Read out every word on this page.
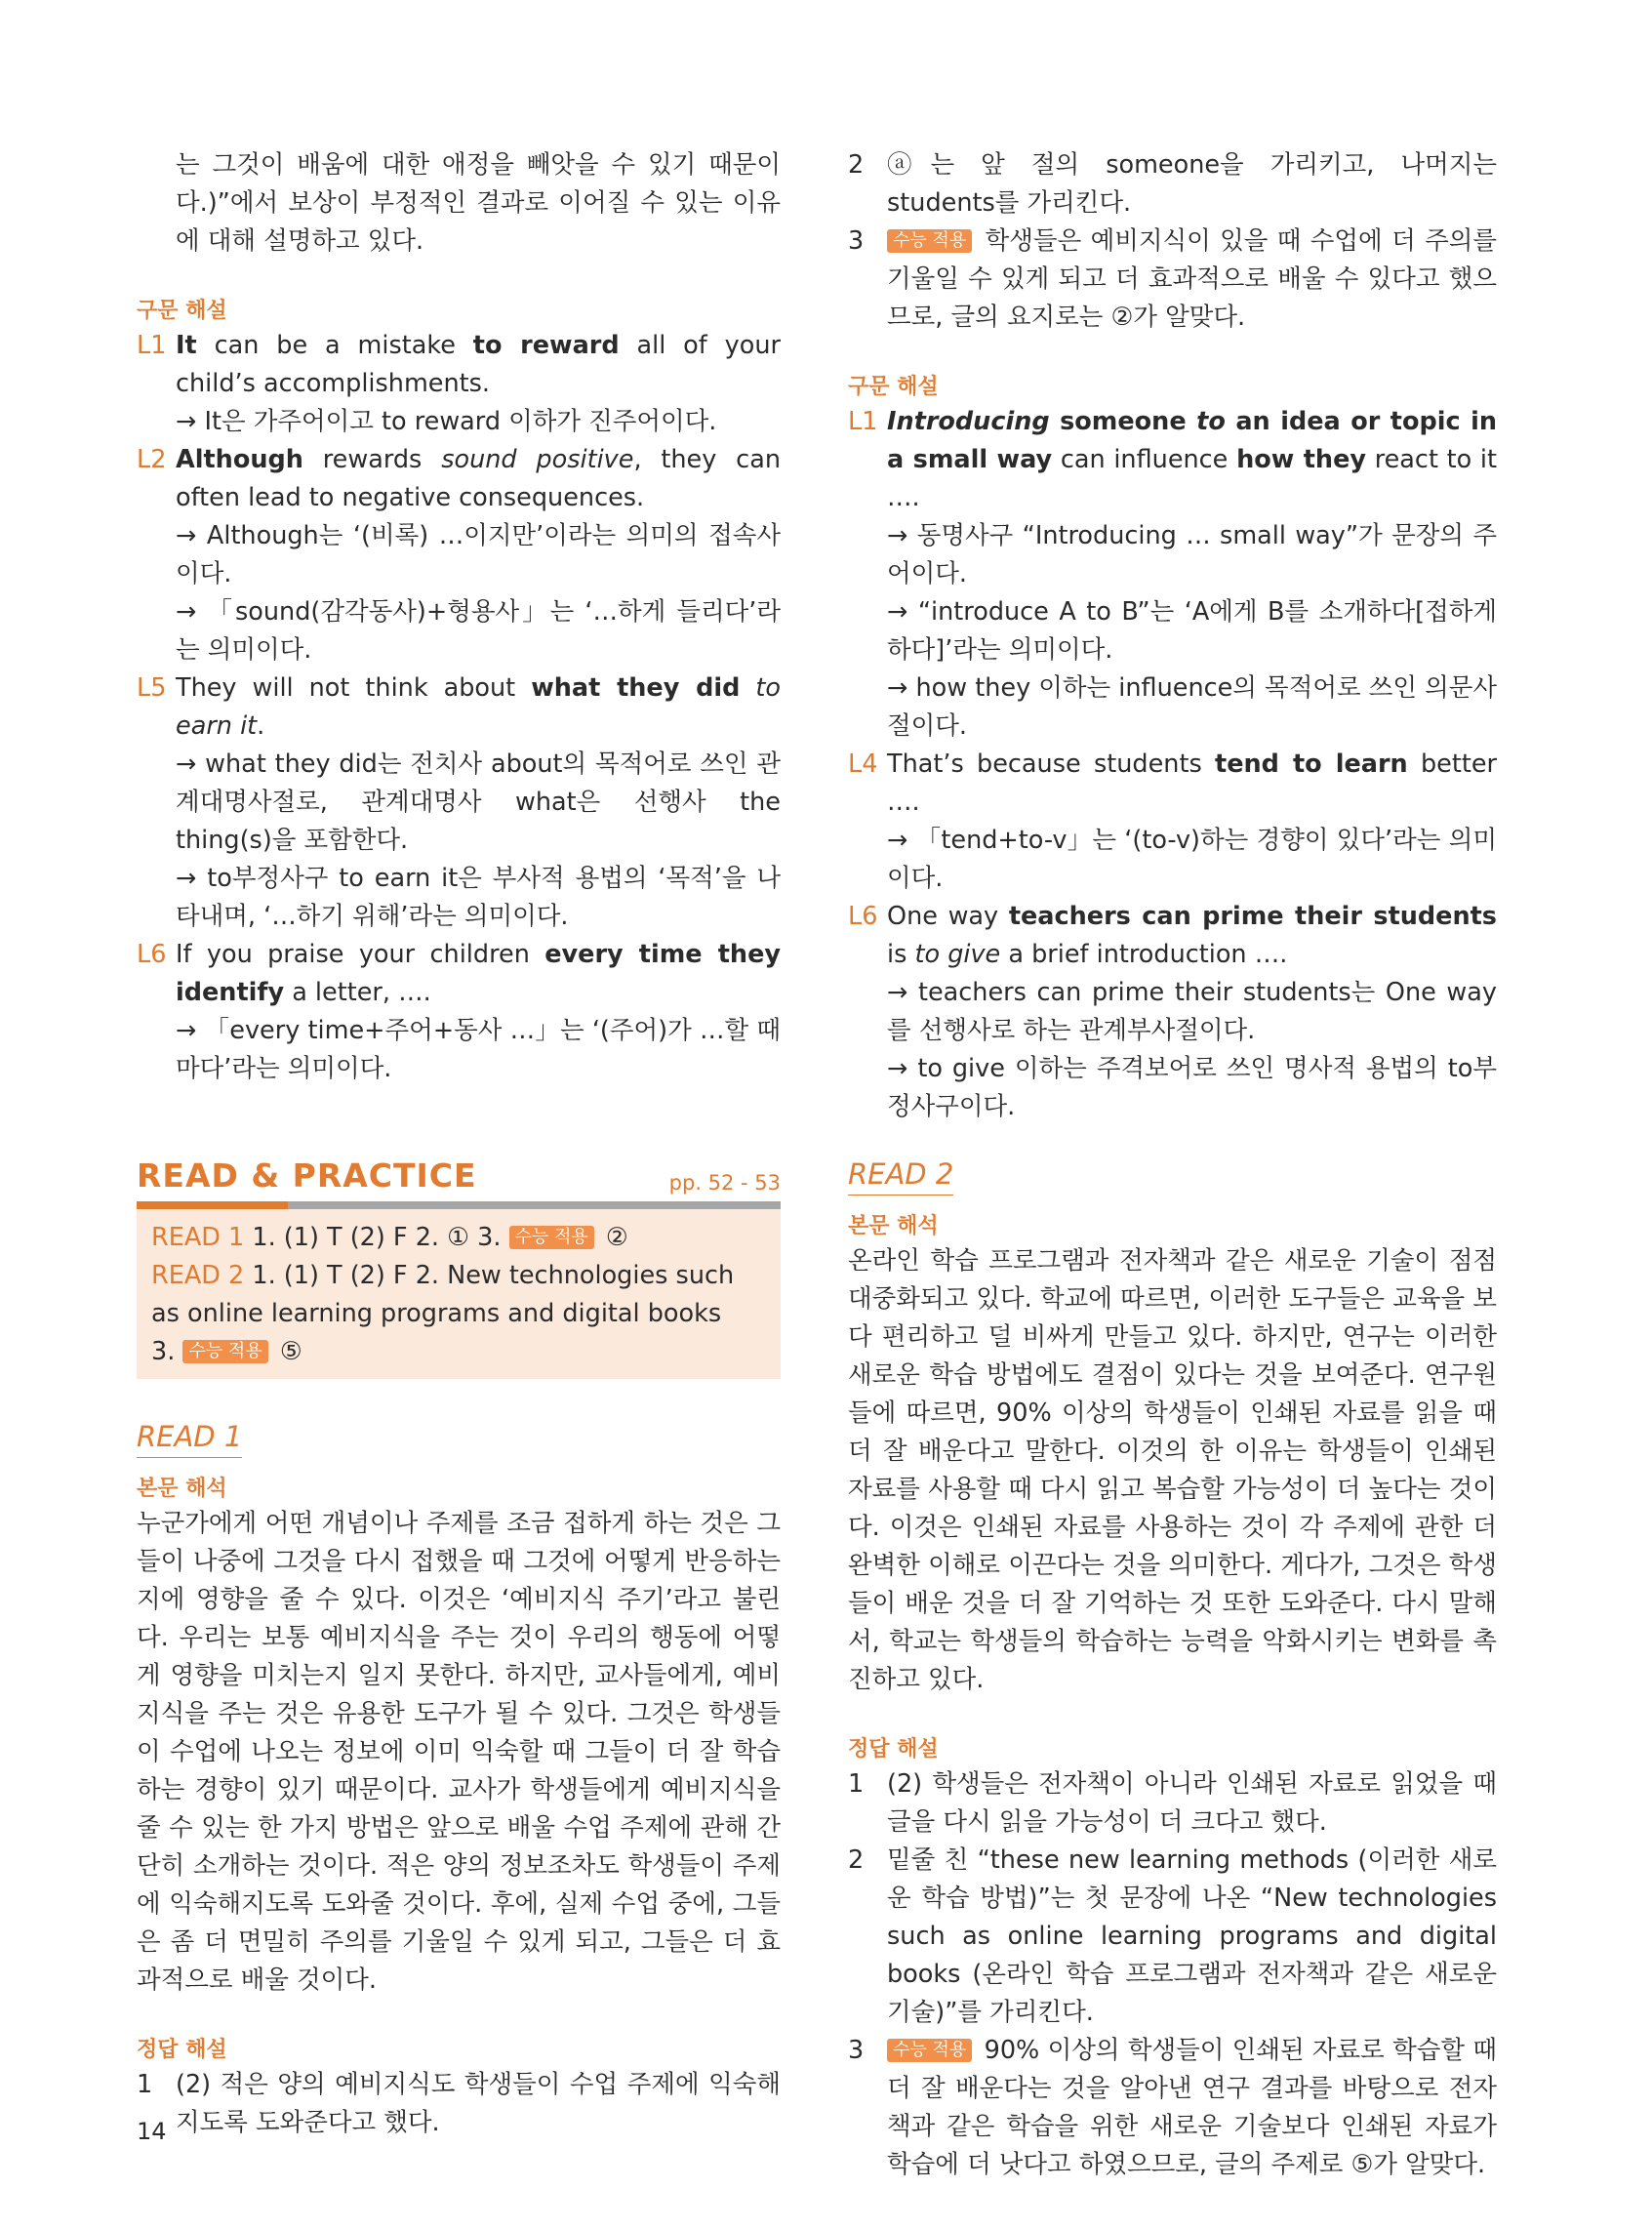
는 그것이 배움에 대한 애정을 빼앗을 수 있기 때문이다.)”에서 보상이 부정적인 결과로 이어질 수 있는 이유에 대해 설명하고 있다.

구문 해설

L1 It can be a mistake to reward all of your child’s accomplishments.

→ It은 가주어이고 to reward 이하가 진주어이다.

L2 Although rewards sound positive, they can often lead to negative consequences.

→ Although는 ‘(비록) …이지만’이라는 의미의 접속사이다.

→ 「sound(감각동사)+형용사」는 ‘…하게 들리다’라는 의미이다.

L5 They will not think about what they did to earn it.

→ what they did는 전치사 about의 목적어로 쓰인 관계대명사절로, 관계대명사 what은 선행사 the thing(s)을 포함한다.

→ to부정사구 to earn it은 부사적 용법의 ‘목적’을 나타내며, ‘…하기 위해’라는 의미이다.

L6 If you praise your children every time they identify a letter, ….

→ 「every time+주어+동사 …」는 ‘(주어)가 …할 때마다’라는 의미이다.

READ & PRACTICE	pp. 52 - 53

READ 1 1. (1) T (2) F 2. ① 3. 수능 적용 ②

READ 2 1. (1) T (2) F 2. New technologies such as online learning programs and digital books

3. 수능 적용 ⑤

READ 1

본문 해석

누군가에게 어떤 개념이나 주제를 조금 접하게 하는 것은 그들이 나중에 그것을 다시 접했을 때 그것에 어떻게 반응하는지에 영향을 줄 수 있다. 이것은 ‘예비지식 주기’라고 불린다. 우리는 보통 예비지식을 주는 것이 우리의 행동에 어떻게 영향을 미치는지 일지 못한다. 하지만, 교사들에게, 예비지식을 주는 것은 유용한 도구가 될 수 있다. 그것은 학생들이 수업에 나오는 정보에 이미 익숙할 때 그들이 더 잘 학습하는 경향이 있기 때문이다. 교사가 학생들에게 예비지식을 줄 수 있는 한 가지 방법은 앞으로 배울 수업 주제에 관해 간단히 소개하는 것이다. 적은 양의 정보조차도 학생들이 주제에 익숙해지도록 도와줄 것이다. 후에, 실제 수업 중에, 그들은 좀 더 면밀히 주의를 기울일 수 있게 되고, 그들은 더 효과적으로 배울 것이다.

정답 해설

1 (2) 적은 양의 예비지식도 학생들이 수업 주제에 익숙해지도록 도와준다고 했다.

2 ⓐ는 앞 절의 someone을 가리키고, 나머지는 students를 가리킨다.

3	수능 적용 학생들은 예비지식이 있을 때 수업에 더 주의를 기울일 수 있게 되고 더 효과적으로 배울 수 있다고 했으므로, 글의 요지로는 ②가 알맞다.

구문 해설

L1 Introducing someone to an idea or topic in a small way can influence how they react to it ….

→ 동명사구 “Introducing … small way”가 문장의 주어이다.

→ “introduce A to B”는 ‘A에게 B를 소개하다[접하게 하다]’라는 의미이다.

→ how they 이하는 influence의 목적어로 쓰인 의문사절이다.

L4 That’s because students tend to learn better ….

→ 「tend+to-v」는 ‘(to-v)하는 경향이 있다’라는 의미이다.

L6 One way teachers can prime their students is to give a brief introduction ….

→ teachers can prime their students는 One way를 선행사로 하는 관계부사절이다.

→ to give 이하는 주격보어로 쓰인 명사적 용법의 to부정사구이다.

READ 2

본문 해석

온라인 학습 프로그램과 전자책과 같은 새로운 기술이 점점 대중화되고 있다. 학교에 따르면, 이러한 도구들은 교육을 보다 편리하고 덜 비싸게 만들고 있다. 하지만, 연구는 이러한 새로운 학습 방법에도 결점이 있다는 것을 보여준다. 연구원들에 따르면, 90% 이상의 학생들이 인쇄된 자료를 읽을 때 더 잘 배운다고 말한다. 이것의 한 이유는 학생들이 인쇄된 자료를 사용할 때 다시 읽고 복습할 가능성이 더 높다는 것이다. 이것은 인쇄된 자료를 사용하는 것이 각 주제에 관한 더 완벽한 이해로 이끈다는 것을 의미한다. 게다가, 그것은 학생들이 배운 것을 더 잘 기억하는 것 또한 도와준다. 다시 말해서, 학교는 학생들의 학습하는 능력을 악화시키는 변화를 촉진하고 있다.

정답 해설

1 (2) 학생들은 전자책이 아니라 인쇄된 자료로 읽었을 때 글을 다시 읽을 가능성이 더 크다고 했다.

2 밑줄 친 “these new learning methods (이러한 새로운 학습 방법)”는 첫 문장에 나온 “New technologies such as online learning programs and digital books (온라인 학습 프로그램과 전자책과 같은 새로운 기술)”를 가리킨다.

3	수능 적용 90% 이상의 학생들이 인쇄된 자료로 학습할 때 더 잘 배운다는 것을 알아낸 연구 결과를 바탕으로 전자책과 같은 학습을 위한 새로운 기술보다 인쇄된 자료가 학습에 더 낫다고 하였으므로, 글의 주제로 ⑤가 알맞다.

14
